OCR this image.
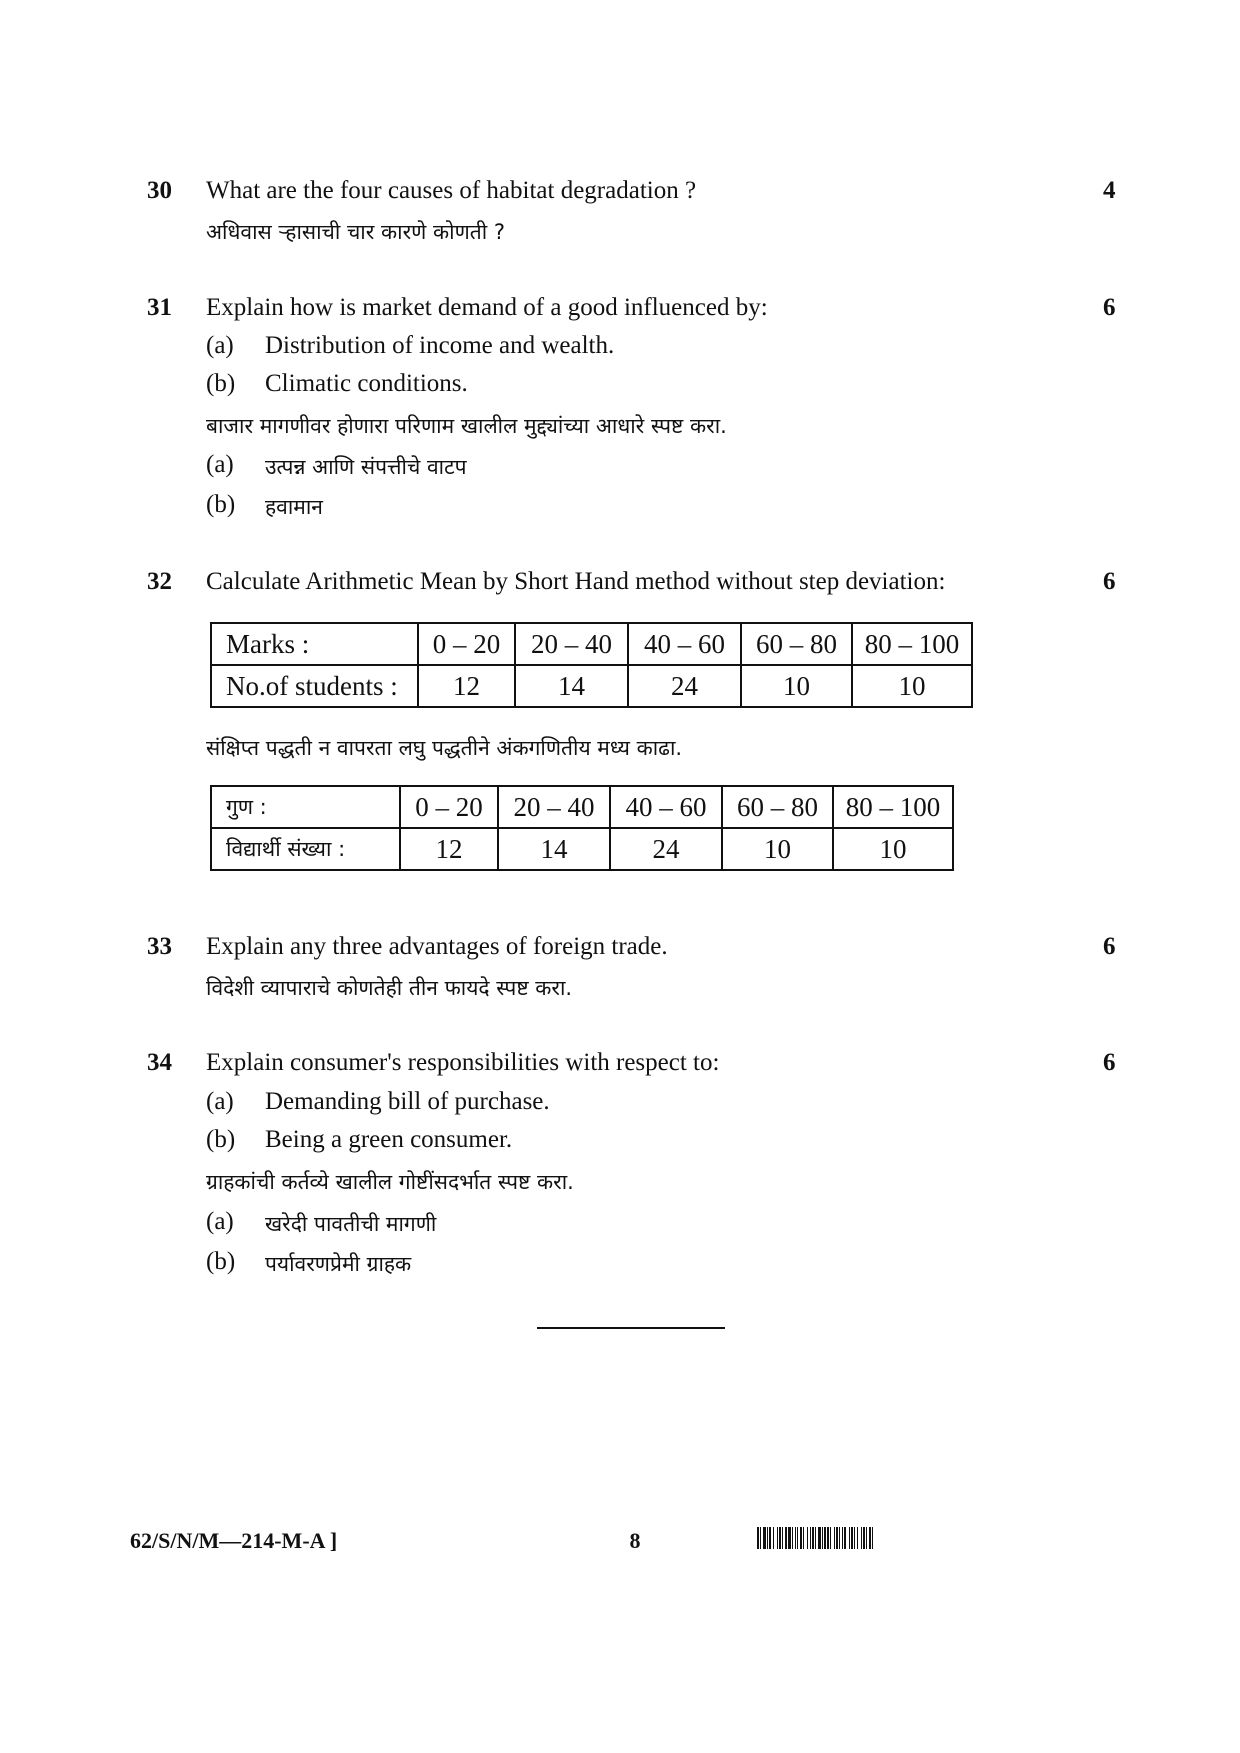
30 What are the four causes of habitat degradation ?	4
अधिवास ऱ्हासाची चार कारणे कोणती ?
31 Explain how is market demand of a good influenced by:	6
(a) Distribution of income and wealth.
(b) Climatic conditions.
बाजार मागणीवर होणारा परिणाम खालील मुद्द्यांच्या आधारे स्पष्ट करा.
(a) उत्पन्न आणि संपत्तीचे वाटप
(b) हवामान
32 Calculate Arithmetic Mean by Short Hand method without step deviation:	6
Marks :	0 – 20	20 – 40	40 – 60	60 – 80	80 – 100
No.of students :	12	14	24	10	10
संक्षिप्त पद्धती न वापरता लघु पद्धतीने अंकगणितीय मध्य काढा.
गुण :	0 – 20	20 – 40	40 – 60	60 – 80	80 – 100
विद्यार्थी संख्या :	12	14	24	10	10
33 Explain any three advantages of foreign trade.	6
विदेशी व्यापाराचे कोणतेही तीन फायदे स्पष्ट करा.
34 Explain consumer's responsibilities with respect to:	6
(a) Demanding bill of purchase.
(b) Being a green consumer.
ग्राहकांची कर्तव्ये खालील गोष्टींसदर्भात स्पष्ट करा.
(a) खरेदी पावतीची मागणी
(b) पर्यावरणप्रेमी ग्राहक
62/S/N/M—214-M-A ]	8
